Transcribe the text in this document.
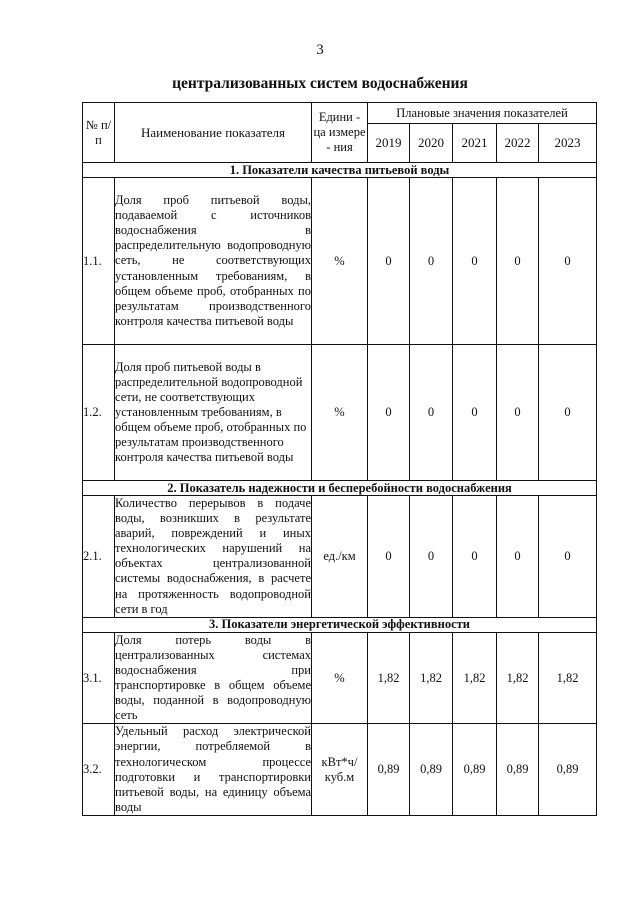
3
централизованных систем водоснабжения
№ п/п	Наименование показателя	Едини - ца измере - ния	Плановые значения показателей				
			2019	2020	2021	2022	2023
1. Показатели качества питьевой воды							
1.1.	Доля проб питьевой воды, подаваемой с источников водоснабжения в распределительную водопроводную сеть, не соответствующих установленным требованиям, в общем объеме проб, отобранных по результатам производственного контроля качества питьевой воды	%	0	0	0	0	0
1.2.	Доля проб питьевой воды в распределительной водопроводной сети, не соответствующих установленным требованиям, в общем объеме проб, отобранных по результатам производственного контроля качества питьевой воды	%	0	0	0	0	0
2. Показатель надежности и бесперебойности водоснабжения							
2.1.	Количество перерывов в подаче воды, возникших в результате аварий, повреждений и иных технологических нарушений на объектах централизованной системы водоснабжения, в расчете на протяженность водопроводной сети в год	ед./км	0	0	0	0	0
3. Показатели энергетической эффективности							
3.1.	Доля потерь воды в централизованных системах водоснабжения при транспортировке в общем объеме воды, поданной в водопроводную сеть	%	1,82	1,82	1,82	1,82	1,82
3.2.	Удельный расход электрической энергии, потребляемой в технологическом процессе подготовки и транспортировки питьевой воды, на единицу объема воды	кВт*ч/ куб.м	0,89	0,89	0,89	0,89	0,89
